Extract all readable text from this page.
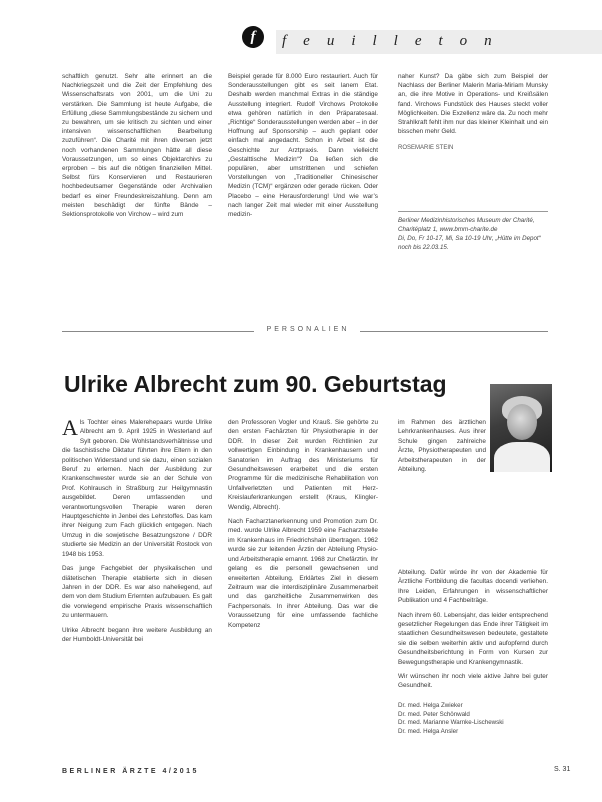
f	feuilleton

schaftlich genutzt. Sehr alte erinnert an die Nachkriegszeit und die Zeit der Empfehlung des Wissenschaftsrats von 2001, um die Uni zu verstärken. Die Sammlung ist heute Aufgabe, die Erfüllung „diese Sammlungsbestände zu sichern und zu bewahren, um sie kritisch zu sichten und einer intensiven wissenschaftlichen Bearbeitung zuzuführen“. Die Charité mit ihren diversen jetzt noch vorhandenen Sammlungen hätte all diese Voraussetzungen, um so eines Objektarchivs zu erproben – bis auf die nötigen finanziellen Mittel. Selbst fürs Konservieren und Restaurieren hochbedeutsamer Gegenstände oder Archivalien bedarf es einer Freundeskreiszahlung. Denn am meisten beschädigt der fünfte Bände – Sektionsprotokolle von Virchow – wird zum

Beispiel gerade für 8.000 Euro restauriert. Auch für Sonderausstellungen gibt es seit lanem Etat. Deshalb werden manchmal Extras in die ständige Ausstellung integriert. Rudolf Virchows Protokolle etwa gehören natürlich in den Präparatesaal. „Richtige“ Sonderausstellungen werden aber – in der Hoffnung auf Sponsorship – auch geplant oder einfach mal angedacht. Schon in Arbeit ist die Geschichte zur Arztpraxis. Dann vielleicht „Gestalttische Medizin“? Da ließen sich die populären, aber umstrittenen und schiefen Vorstellungen von „Traditioneller Chinesischer Medizin (TCM)“ ergänzen oder gerade rücken. Oder Placebo – eine Herausforderung! Und wie war’s nach langer Zeit mal wieder mit einer Ausstellung medizin-

naher Kunst? Da gäbe sich zum Beispiel der Nachlass der Berliner Malerin Maria-Miriam Munsky an, die ihre Motive in Operations- und Kreißsälen fand. Virchows Fundstück des Hauses steckt voller Möglichkeiten. Die Exzellenz wäre da. Zu noch mehr Strahlkraft fehlt ihm nur das kleiner Kleinhalt und ein bisschen mehr Geld.

ROSEMARIE STEIN

Berliner Medizinhistorisches Museum der Charité, Charitéplatz 1, www.bmm-charite.de

Di, Do, Fr 10-17, Mi, Sa 10-19 Uhr, „Hütte im Depot“ noch bis 22.03.15.

PERSONALIEN
Ulrike Albrecht zum 90. Geburtstag

Als Tochter eines Malerehepaars wurde Ulrike Albrecht am 9. April 1925 in Westerland auf Sylt geboren. Die Wohlstandsverhältnisse und die faschistische Diktatur führten ihre Eltern in den politischen Widerstand und sie dazu, einen sozialen Beruf zu erlernen. Nach der Ausbildung zur Krankenschwester wurde sie an der Schule von Prof. Kohlrausch in Straßburg zur Heilgymnastin ausgebildet. Deren umfassenden und verantwortungsvollen Therapie waren deren Hauptgeschichte in Jenbei des Lehrstoffes. Das kam ihrer Neigung zum Fach glücklich entgegen. Nach Umzug in die sowjetische Besatzungszone / DDR studierte sie Medizin an der Universität Rostock von 1948 bis 1953.

Das junge Fachgebiet der physikalischen und diätetischen Therapie etablierte sich in diesen Jahren in der DDR. Es war also naheliegend, auf dem von dem Studium Erlernten aufzubauen. Es galt die vorwiegend empirische Praxis wissenschaftlich zu untermauern.

Ulrike Albrecht begann ihre weitere Ausbildung an der Humboldt-Universität bei

den Professoren Vogler und Krauß. Sie gehörte zu den ersten Fachärzten für Physiotherapie in der DDR. In dieser Zeit wurden Richtlinien zur vollwertigen Einbindung in Krankenhausern und Sanatorien im Auftrag des Ministeriums für Gesundheitswesen erarbeitet und die ersten Programme für die medizinische Rehabilitation von Unfallverletzten und Patienten mit Herz-Kreislauferkrankungen erstellt (Kraus, Klingler-Wendig, Albrecht).

Nach Facharztanerkennung und Promotion zum Dr. med. wurde Ulrike Albrecht 1959 eine Facharztstelle im Krankenhaus im Friedrichshain übertragen. 1962 wurde sie zur leitenden Ärztin der Abteilung Physio- und Arbeitstherapie ernannt. 1968 zur Chefärztin. Ihr gelang es die personell gewachsenen und erweiterten Abteilung. Erklärtes Ziel in diesem Zeitraum war die interdisziplinäre Zusammenarbeit und das ganzheitliche Zusammenwirken des Fachpersonals. In ihrer Abteilung. Das war die Voraussetzung für eine umfassende fachliche Kompetenz

im Rahmen des ärztlichen Lehrkrankenhauses. Aus ihrer Schule gingen zahlreiche Ärzte, Physiotherapeuten und Arbeitstherapeuten in der Abteilung.

Abteilung. Dafür würde ihr von der Akademie für Ärztliche Fortbildung die facultas docendi verliehen. Ihre Leiden, Erfahrungen in wissenschaftlicher Publikation und 4 Fachbeiträge.

Nach ihrem 60. Lebensjahr, das leider entsprechend gesetzlicher Regelungen das Ende ihrer Tätigkeit im staatlichen Gesundheitswesen bedeutete, gestaltete sie die selben weiterhin aktiv und aufopfernd durch Gesundheitsberichtung in Form von Kursen zur Bewegungstherapie und Krankengymnastik.

Wir wünschen ihr noch viele aktive Jahre bei guter Gesundheit.

Dr. med. Helga Zwieker
Dr. med. Peter Schönwald
Dr. med. Marianne Warnke-Lischewski
Dr. med. Helga Ansler
BERLINER ÄRZTE 4/2015	S. 31
